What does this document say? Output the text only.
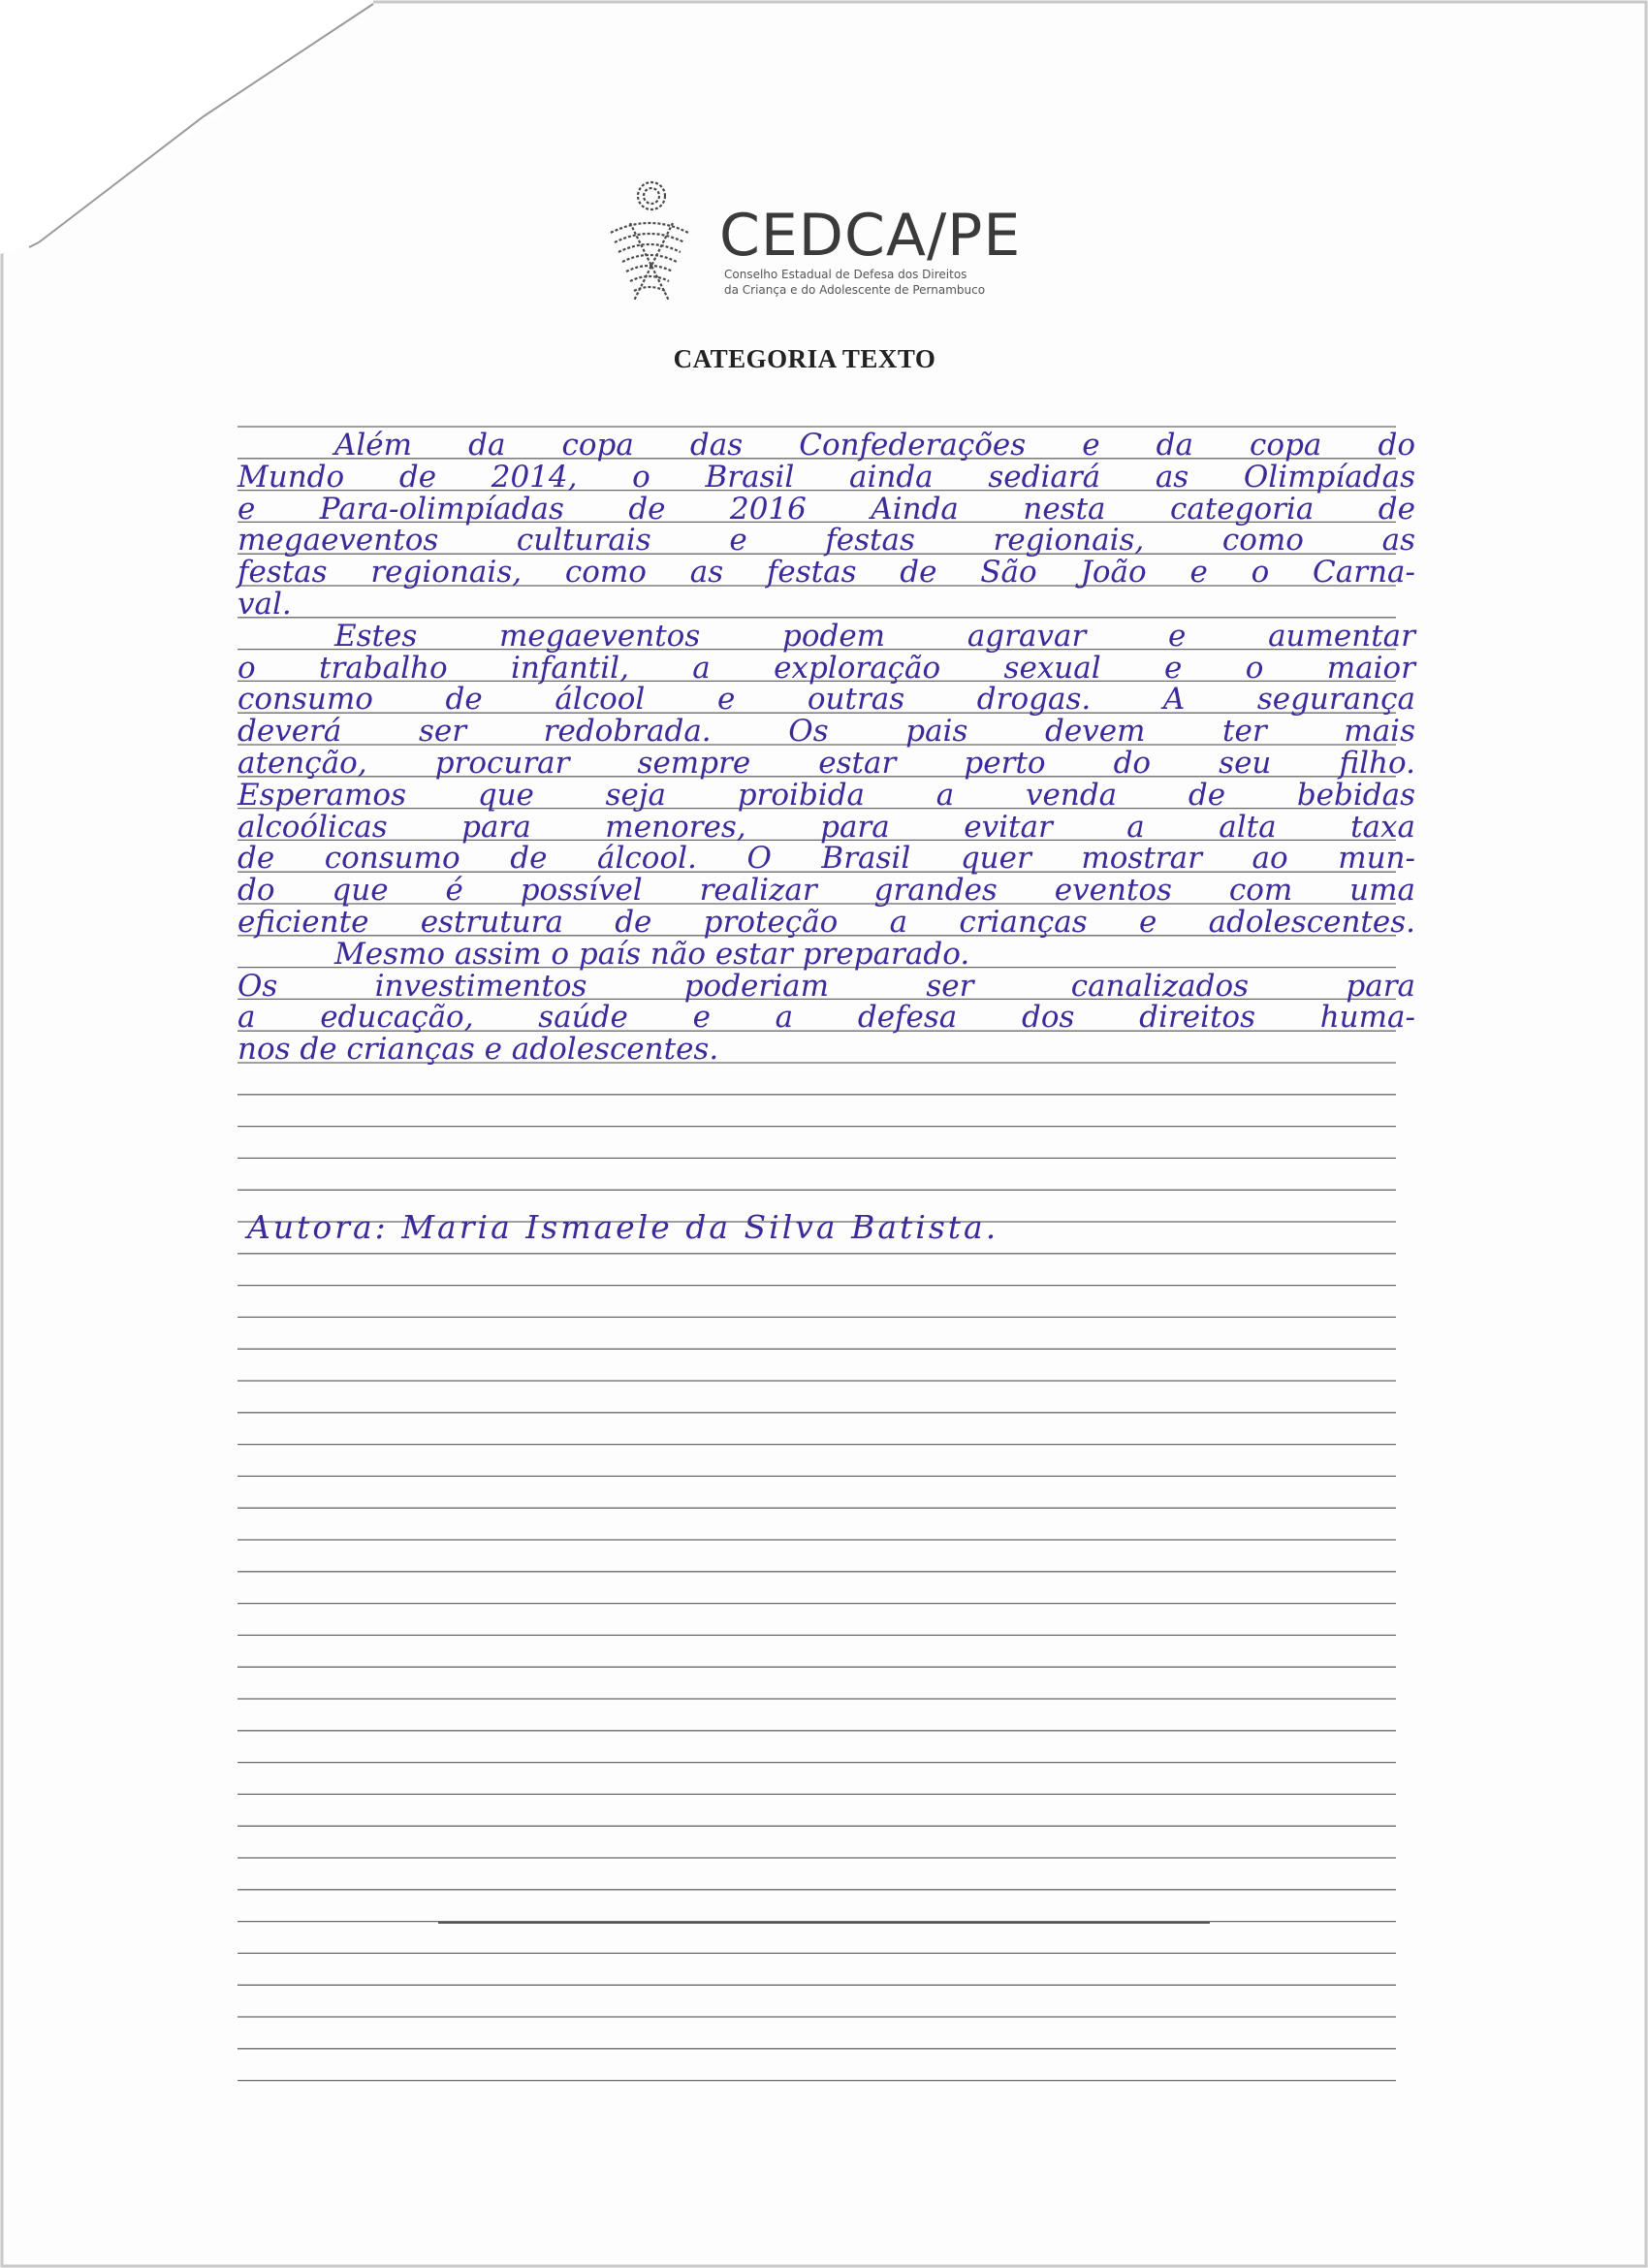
CEDCA/PE
Conselho Estadual de Defesa dos Direitos
da Criança e do Adolescente de Pernambuco
CATEGORIA TEXTO
Além da copa das Confederações e da copa do
Mundo de 2014, o Brasil ainda sediará as Olimpíadas
e Para-olimpíadas de 2016 Ainda nesta categoria de
megaeventos culturais e festas regionais, como as
festas regionais, como as festas de São João e o Carna-
val.
Estes megaeventos podem agravar e aumentar
o trabalho infantil, a exploração sexual e o maior
consumo de álcool e outras drogas. A segurança
deverá ser redobrada. Os pais devem ter mais
atenção, procurar sempre estar perto do seu filho.
Esperamos que seja proibida a venda de bebidas
alcoólicas para menores, para evitar a alta taxa
de consumo de álcool. O Brasil quer mostrar ao mun-
do que é possível realizar grandes eventos com uma
eficiente estrutura de proteção a crianças e adolescentes.
Mesmo assim o país não estar preparado.
Os investimentos poderiam ser canalizados para
a educação, saúde e a defesa dos direitos huma-
nos de crianças e adolescentes.
Autora: Maria Ismaele da Silva Batista.
